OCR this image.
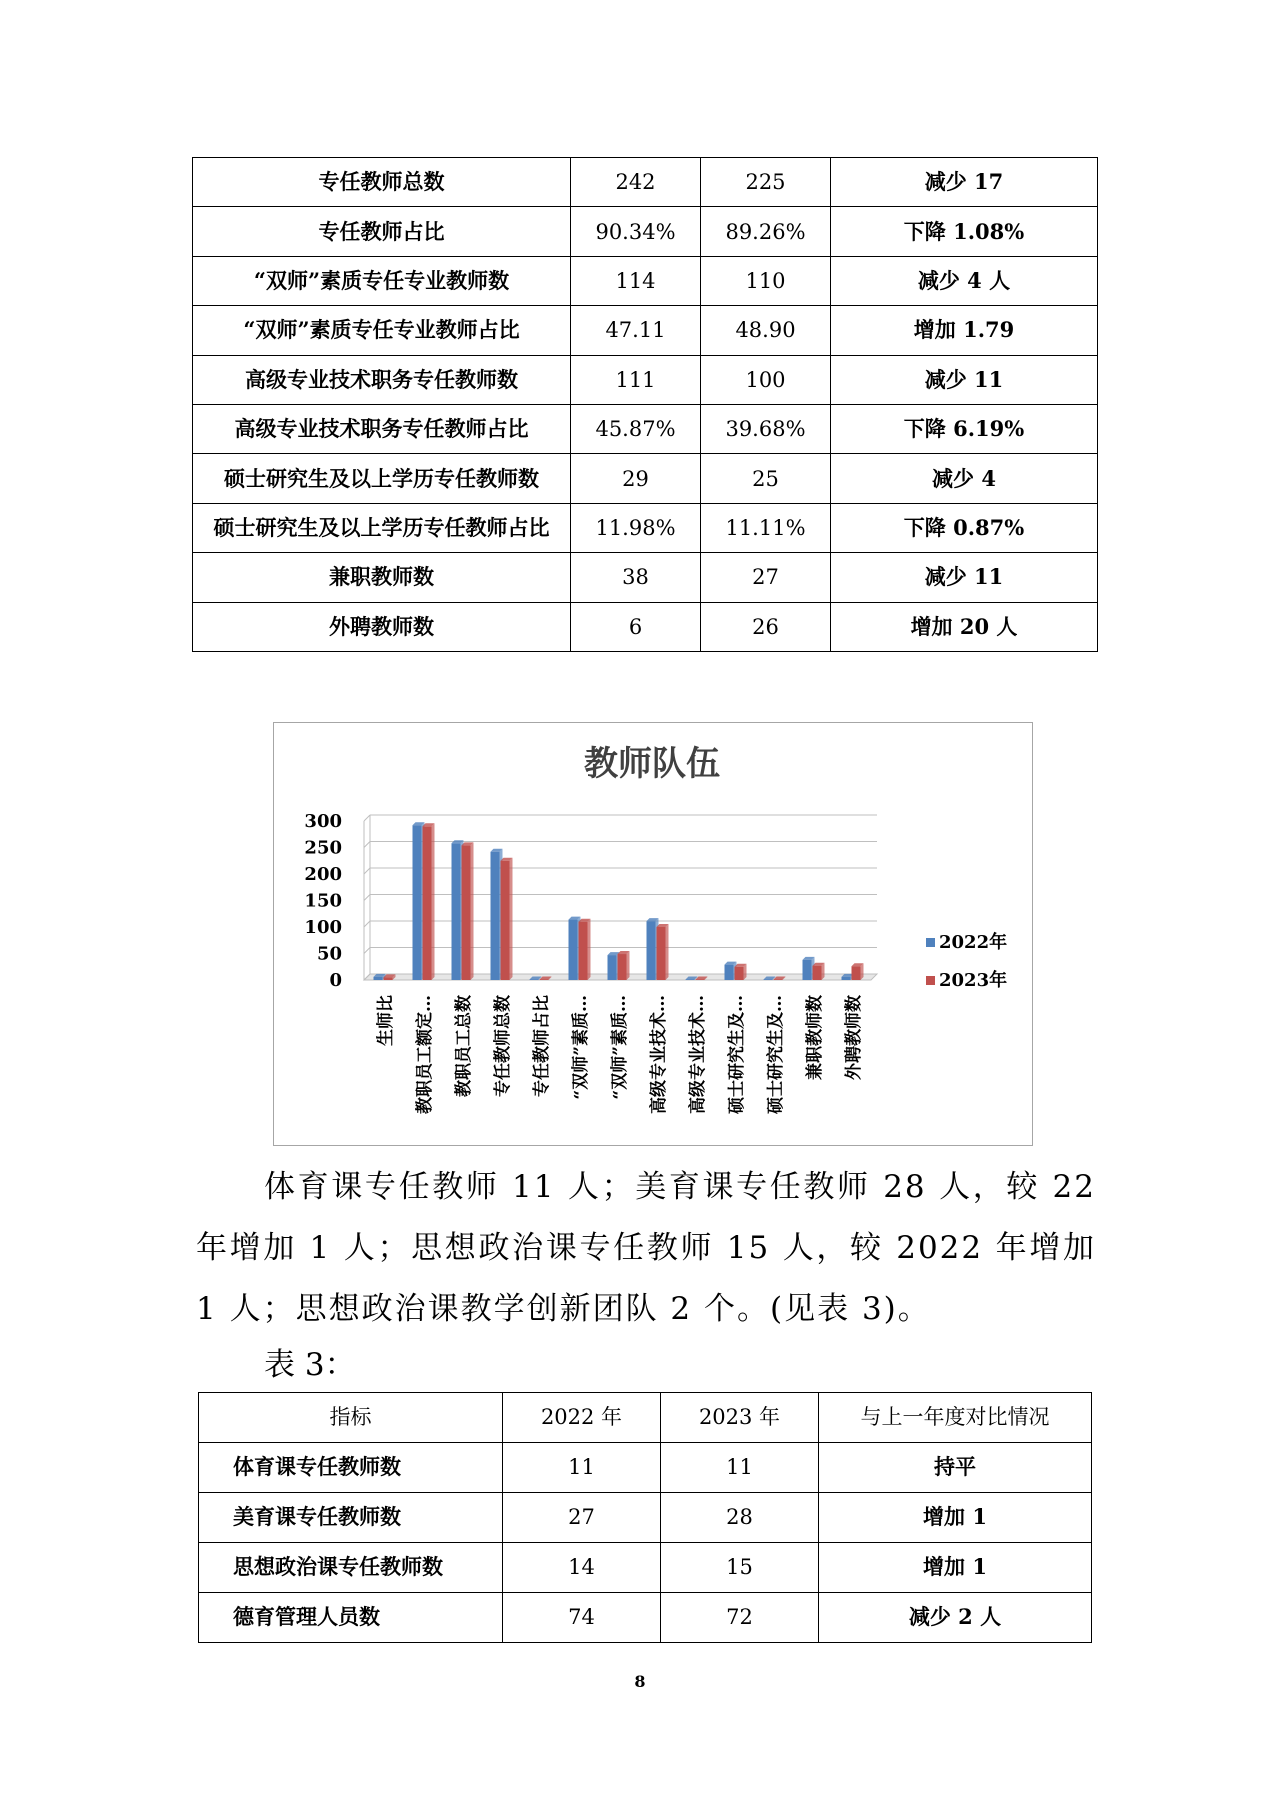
专任教师总数	242	225	减少 17
专任教师占比	90.34%	89.26%	下降 1.08%
“双师”素质专任专业教师数	114	110	减少 4 人
“双师”素质专任专业教师占比	47.11	48.90	增加 1.79
高级专业技术职务专任教师数	111	100	减少 11
高级专业技术职务专任教师占比	45.87%	39.68%	下降 6.19%
硕士研究生及以上学历专任教师数	29	25	减少 4
硕士研究生及以上学历专任教师占比	11.98%	11.11%	下降 0.87%
兼职教师数	38	27	减少 11
外聘教师数	6	26	增加 20 人
教师队伍
0
50
100
150
200
250
300
生师比 教职员工额定… 教职员工总数 专任教师总数 专任教师占比 “双师”素质… “双师”素质… 高级专业技术… 高级专业技术… 硕士研究生及… 硕士研究生及… 兼职教师数 外聘教师数
2022年
2023年

体育课专任教师 11 人；美育课专任教师 28 人，较 22 年增加 1 人；思想政治课专任教师 15 人，较 2022 年增加 1 人；思想政治课教学创新团队 2 个。(见表 3)。

表 3：

指标	2022 年	2023 年	与上一年度对比情况
体育课专任教师数	11	11	持平
美育课专任教师数	27	28	增加 1
思想政治课专任教师数	14	15	增加 1
德育管理人员数	74	72	减少 2 人
8
